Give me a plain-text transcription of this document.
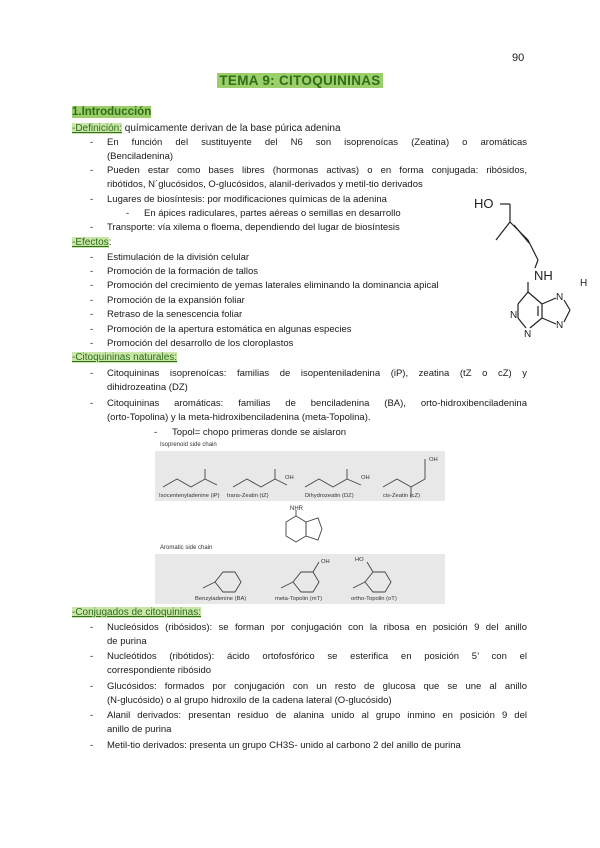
90
TEMA 9: CITOQUININAS
1.Introducción
-Definición: químicamente derivan de la base púrica adenina
- En función del sustituyente del N6 son isoprenoícas (Zeatina) o aromáticas
(Benciladenina)
- Pueden estar como bases libres (hormonas activas) o en forma conjugada: ribósidos,
ribótidos, N´glucósidos, O-glucósidos, alanil-derivados y metil-tio derivados
- Lugares de biosíntesis: por modificaciones químicas de la adenina
- En ápices radiculares, partes aéreas o semillas en desarrollo
- Transporte: vía xilema o floema, dependiendo del lugar de biosíntesis
-Efectos:
- Estimulación de la división celular
- Promoción de la formación de tallos
- Promoción del crecimiento de yemas laterales eliminando la dominancia apical
- Promoción de la expansión foliar
- Retraso de la senescencia foliar
- Promoción de la apertura estomática en algunas especies
- Promoción del desarrollo de los cloroplastos
HO
NH
N
H
N
N
N
-Citoquininas naturales:
- Citoquininas isoprenoícas: familias de isopenteniladenina (iP), zeatina (tZ o cZ) y
dihidrozeatina (DZ)
- Citoquininas aromáticas: familias de benciladenina (BA), orto-hidroxibenciladenina
(orto-Topolina) y la meta-hidroxibenciladenina (meta-Topolina).
- Topol= chopo primeras donde se aislaron
Isoprenoid side chain
Isocentenyladenine (iP) trans-Zeatin (tZ)	Dihydrozeatin (DZ)	cis-Zeatin (cZ)
OH	OH
OH
NHR
Aromatic side chain
Benzyladenine (BA)	meta-Topolin (mT)	ortho-Topolin (oT)
OH	HO
-Conjugados de citoquininas:
- Nucleósidos (ribósidos): se forman por conjugación con la ribosa en posición 9 del anillo
de purina
- Nucleótidos (ribótidos): ácido ortofosfórico se esterifica en posición 5’ con el
correspondiente ribósido
- Glucósidos: formados por conjugación con un resto de glucosa que se une al anillo
(N-glucósido) o al grupo hidroxilo de la cadena lateral (O-glucósido)
- Alanil derivados: presentan residuo de alanina unido al grupo inmino en posición 9 del
anillo de purina
- Metil-tio derivados: presenta un grupo CH3S- unido al carbono 2 del anillo de purina
